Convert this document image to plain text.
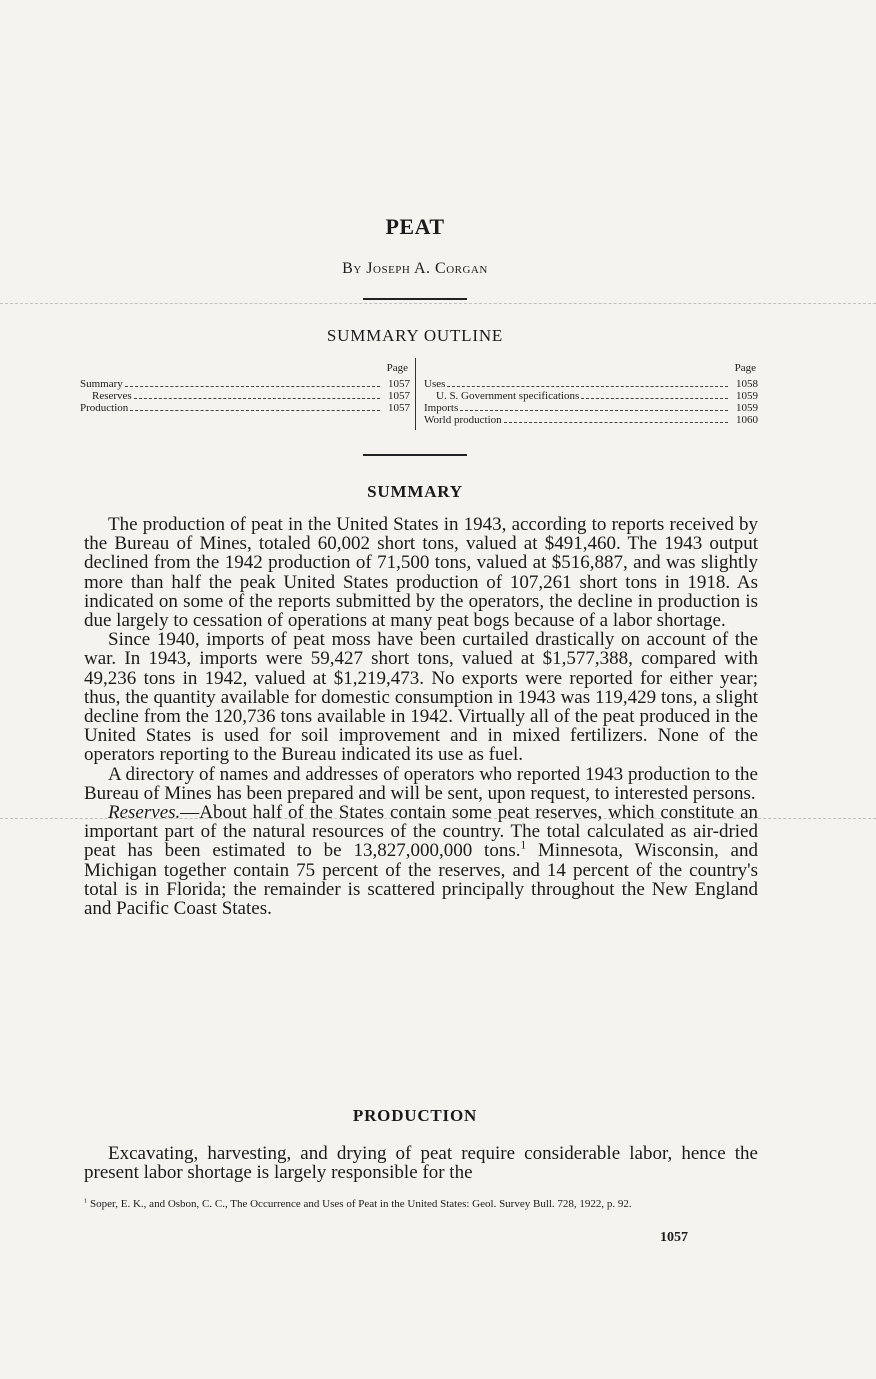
PEAT
By Joseph A. Corgan
SUMMARY OUTLINE
Page
Summary	1057
Reserves	1057
Production	1057
Page
Uses	1058
U. S. Government specifications	1059
Imports	1059
World production	1060
SUMMARY

The production of peat in the United States in 1943, according to reports received by the Bureau of Mines, totaled 60,002 short tons, valued at $491,460. The 1943 output declined from the 1942 production of 71,500 tons, valued at $516,887, and was slightly more than half the peak United States production of 107,261 short tons in 1918. As indicated on some of the reports submitted by the operators, the decline in production is due largely to cessation of operations at many peat bogs because of a labor shortage.

Since 1940, imports of peat moss have been curtailed drastically on account of the war. In 1943, imports were 59,427 short tons, valued at $1,577,388, compared with 49,236 tons in 1942, valued at $1,219,473. No exports were reported for either year; thus, the quantity available for domestic consumption in 1943 was 119,429 tons, a slight decline from the 120,736 tons available in 1942. Virtually all of the peat produced in the United States is used for soil improvement and in mixed fertilizers. None of the operators reporting to the Bureau indicated its use as fuel.

A directory of names and addresses of operators who reported 1943 production to the Bureau of Mines has been prepared and will be sent, upon request, to interested persons.

Reserves.—About half of the States contain some peat reserves, which constitute an important part of the natural resources of the country. The total calculated as air-dried peat has been estimated to be 13,827,000,000 tons.$^1$ Minnesota, Wisconsin, and Michigan together contain 75 percent of the reserves, and 14 percent of the country's total is in Florida; the remainder is scattered principally throughout the New England and Pacific Coast States.

PRODUCTION

Excavating, harvesting, and drying of peat require considerable labor, hence the present labor shortage is largely responsible for the

$^1$ Soper, E. K., and Osbon, C. C., The Occurrence and Uses of Peat in the United States: Geol. Survey Bull. 728, 1922, p. 92.
1057
